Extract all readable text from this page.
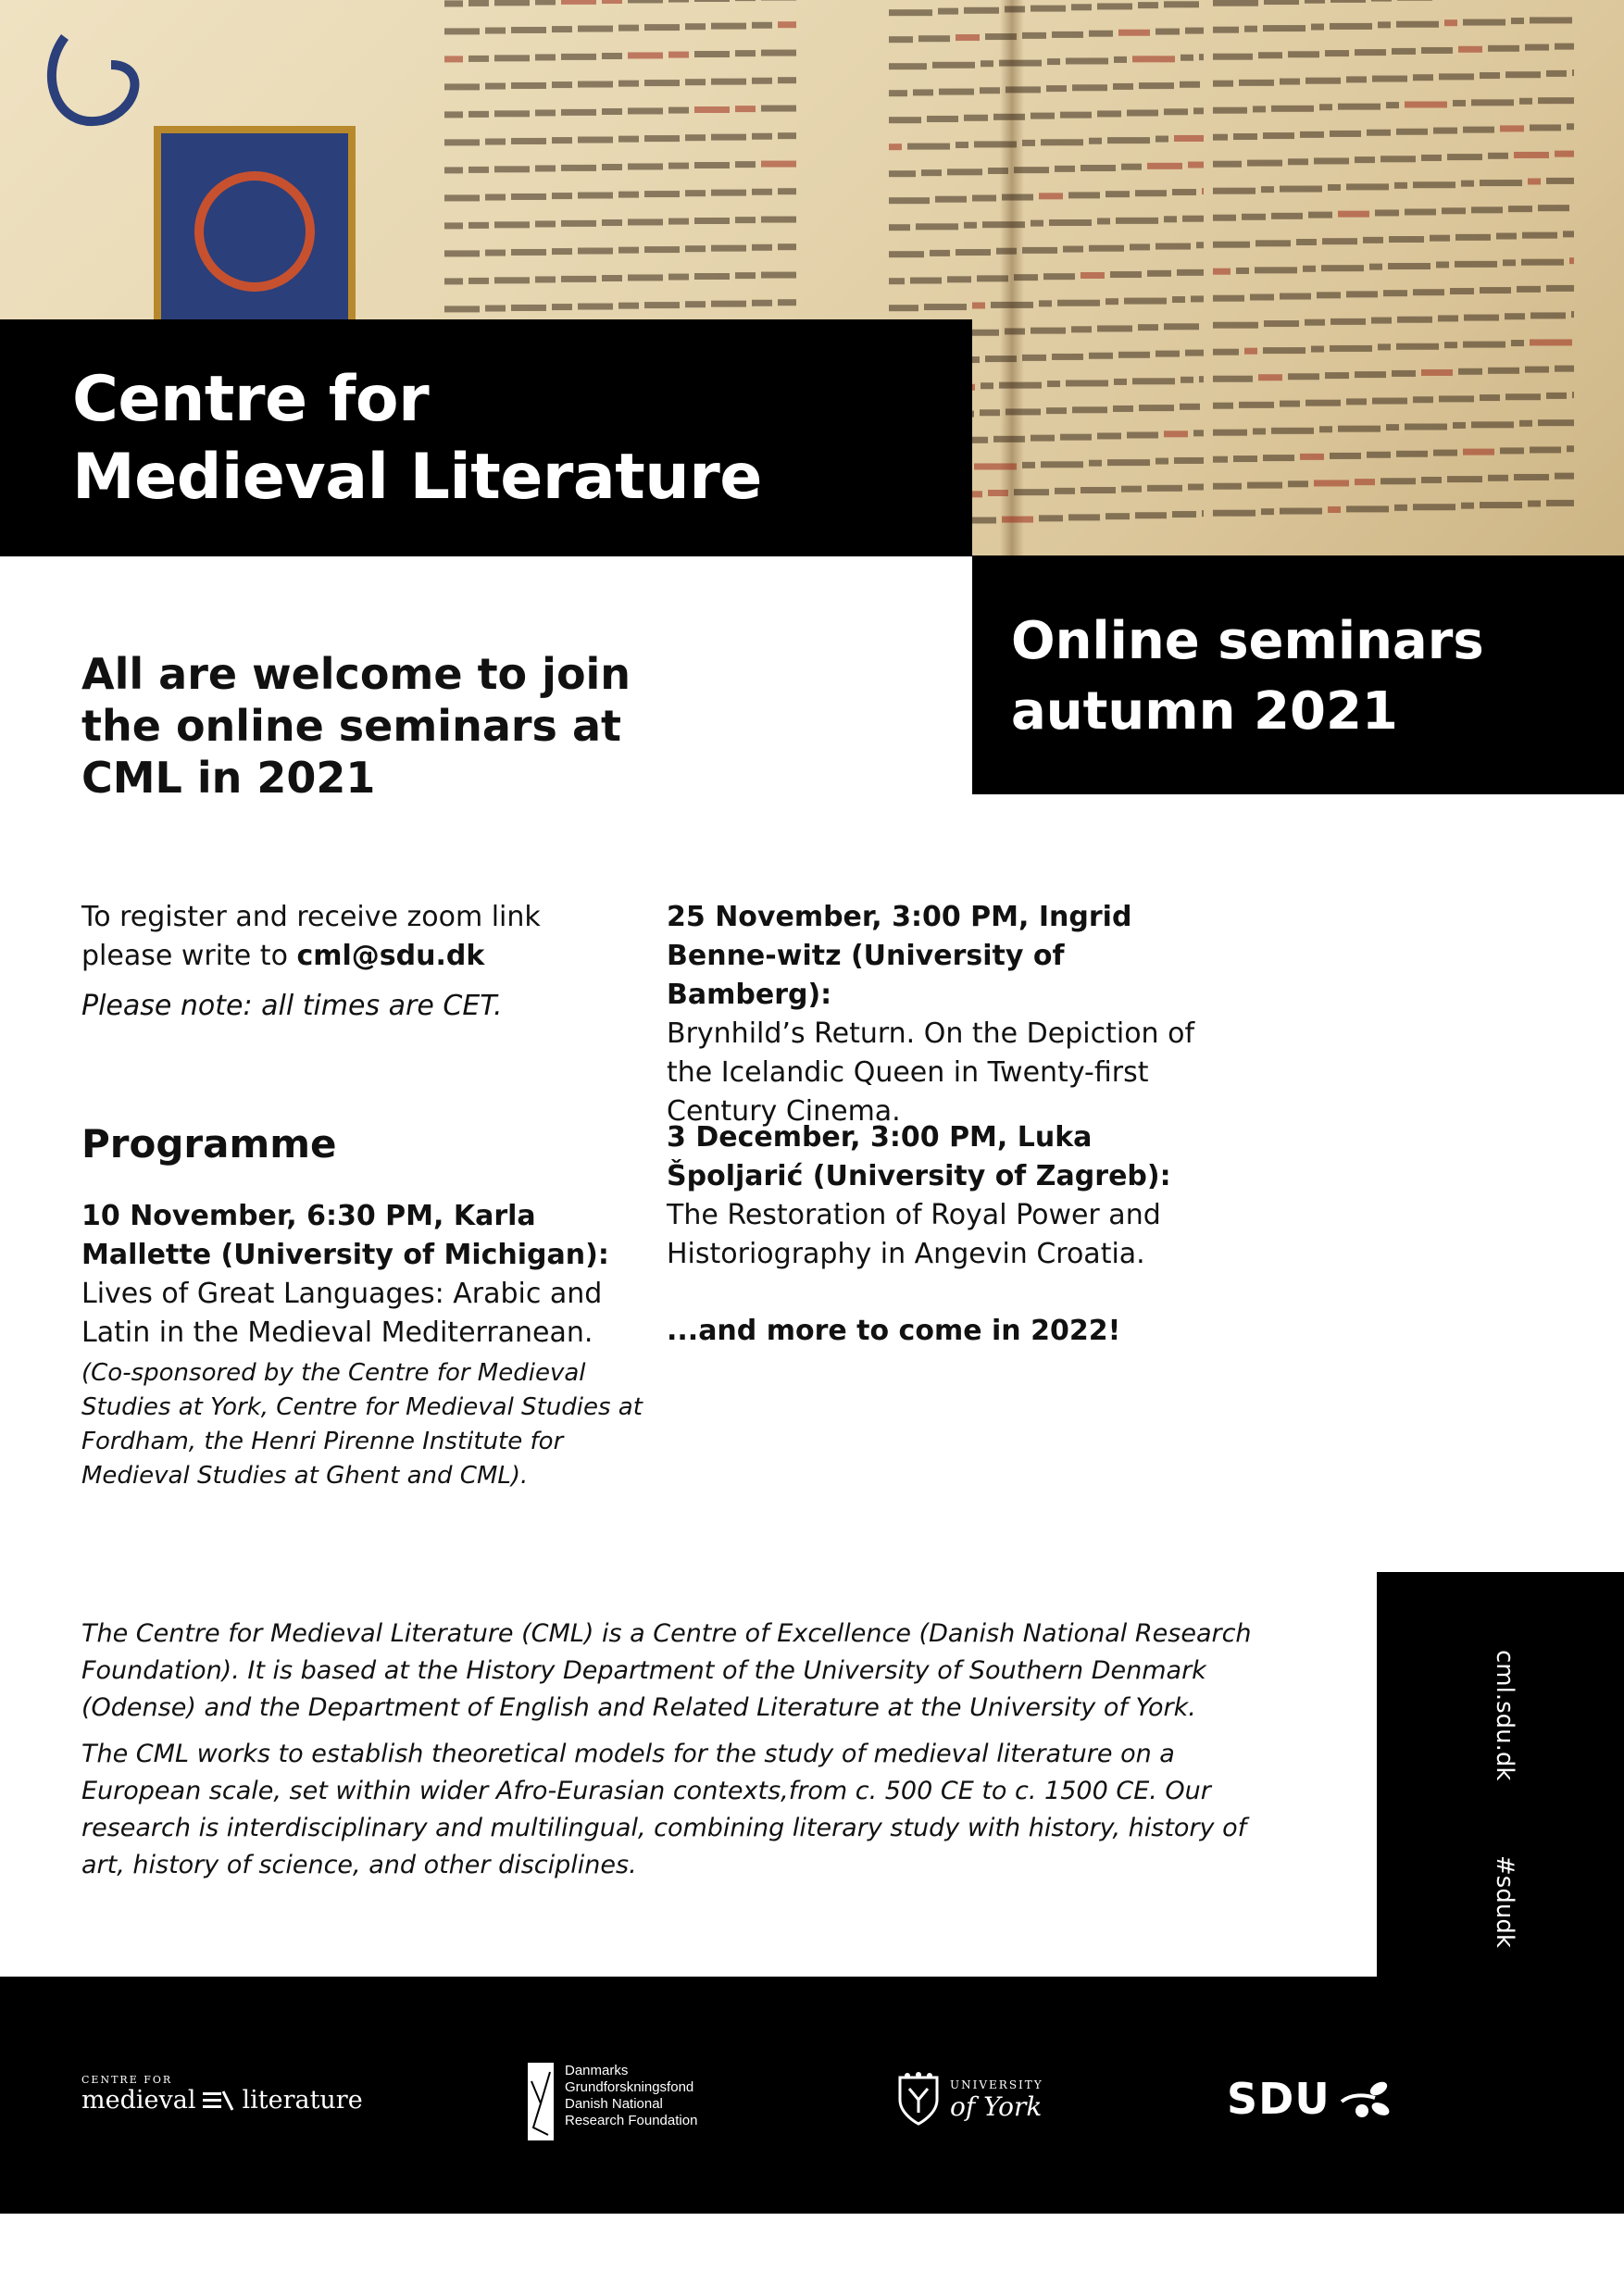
Centre for
Medieval Literature
Online seminars
autumn 2021
All are welcome to join
the online seminars at
CML in 2021
To register and receive zoom link please write to cml@sdu.dk
Please note: all times are CET.
Programme
10 November, 6:30 PM, Karla Mallette (University of Michigan):
Lives of Great Languages: Arabic and Latin in the Medieval Mediterranean.
(Co-sponsored by the Centre for Medieval Studies at York, Centre for Medieval Studies at Fordham, the Henri Pirenne Institute for Medieval Studies at Ghent and CML).
25 November, 3:00 PM, Ingrid Benne-witz (University of Bamberg):
Brynhild’s Return. On the Depiction of the Icelandic Queen in Twenty-first Century Cinema.
3 December, 3:00 PM, Luka Špoljarić (University of Zagreb):
The Restoration of Royal Power and Historiography in Angevin Croatia.
...and more to come in 2022!

The Centre for Medieval Literature (CML) is a Centre of Excellence (Danish National Research Foundation). It is based at the History Department of the University of Southern Denmark (Odense) and the Department of English and Related Literature at the University of York.

The CML works to establish theoretical models for the study of medieval literature on a European scale, set within wider Afro-Eurasian contexts,from c. 500 CE to c. 1500 CE. Our research is interdisciplinary and multilingual, combining literary study with history, history of art, history of science, and other disciplines.

cml.sdu.dk
#sdudk
CENTRE FOR
medieval literature
Danmarks
Grundforskningsfond
Danish National
Research Foundation
UNIVERSITY
of York	SDU
